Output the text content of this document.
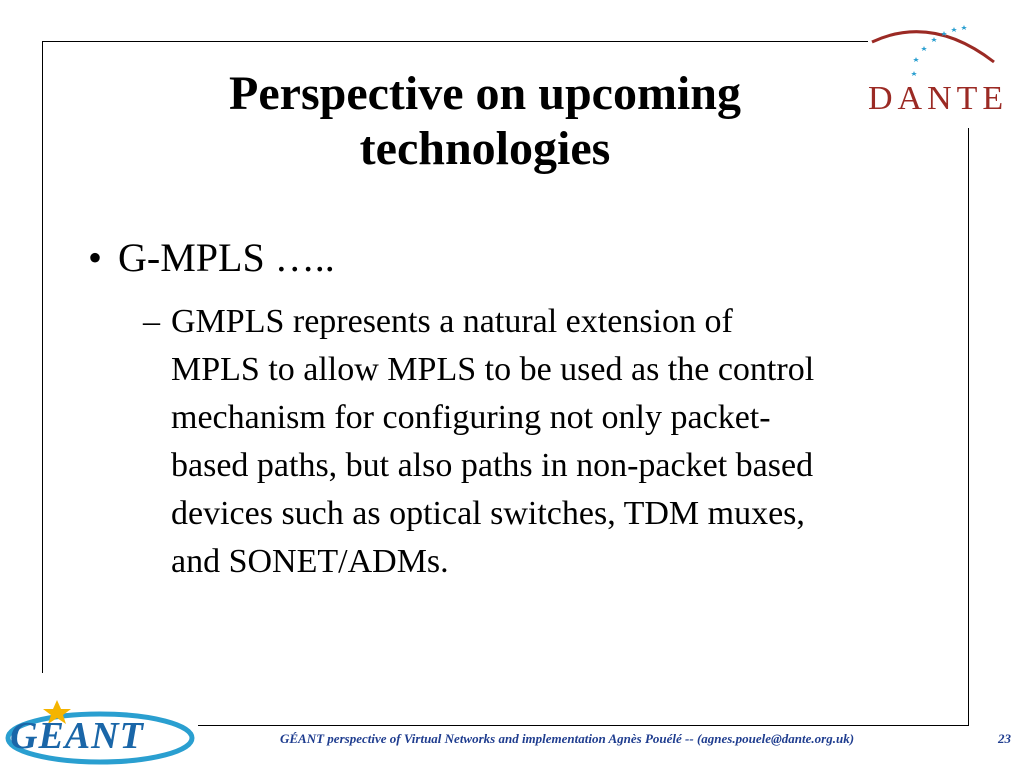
DANTE
Perspective on upcoming
technologies
• G-MPLS …..
– GMPLS represents a natural extension of
MPLS to allow MPLS to be used as the control
mechanism for configuring not only packet-
based paths, but also paths in non-packet based
devices such as optical switches, TDM muxes,
and SONET/ADMs.
GEANT	GÉANT perspective of Virtual Networks and implementation Agnès Pouélé -- (agnes.pouele@dante.org.uk)	23
